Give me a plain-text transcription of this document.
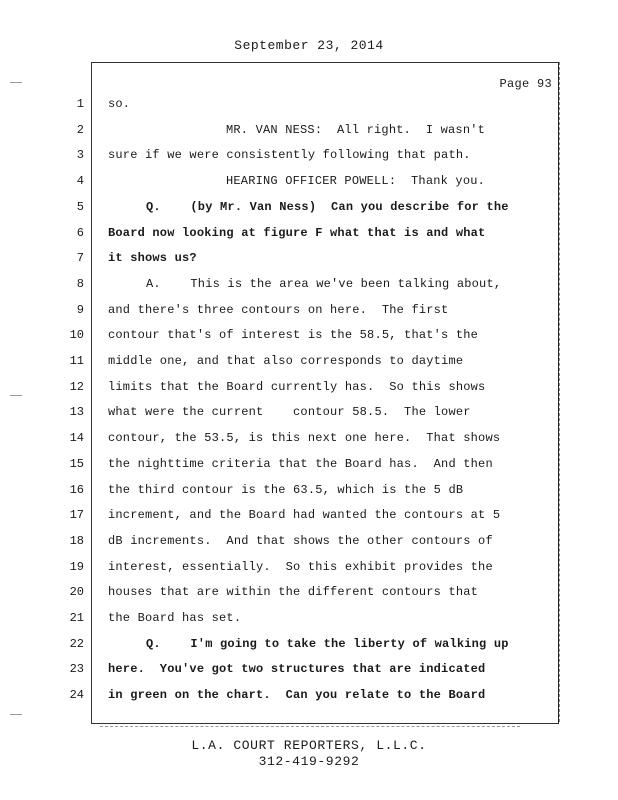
September 23, 2014
Page 93
1 so.
2	MR. VAN NESS:  All right.  I wasn't
3 sure if we were consistently following that path.
4	HEARING OFFICER POWELL:  Thank you.
5	Q.    (by Mr. Van Ness)  Can you describe for the
6 Board now looking at figure F what that is and what
7 it shows us?
8	A.    This is the area we've been talking about,
9 and there's three contours on here.  The first
10 contour that's of interest is the 58.5, that's the
11 middle one, and that also corresponds to daytime
12 limits that the Board currently has.  So this shows
13 what were the current    contour 58.5.  The lower
14 contour, the 53.5, is this next one here.  That shows
15 the nighttime criteria that the Board has.  And then
16 the third contour is the 63.5, which is the 5 dB
17 increment, and the Board had wanted the contours at 5
18 dB increments.  And that shows the other contours of
19 interest, essentially.  So this exhibit provides the
20 houses that are within the different contours that
21 the Board has set.
22	Q.    I'm going to take the liberty of walking up
23 here.  You've got two structures that are indicated
24 in green on the chart.  Can you relate to the Board
L.A. COURT REPORTERS, L.L.C.
312-419-9292
